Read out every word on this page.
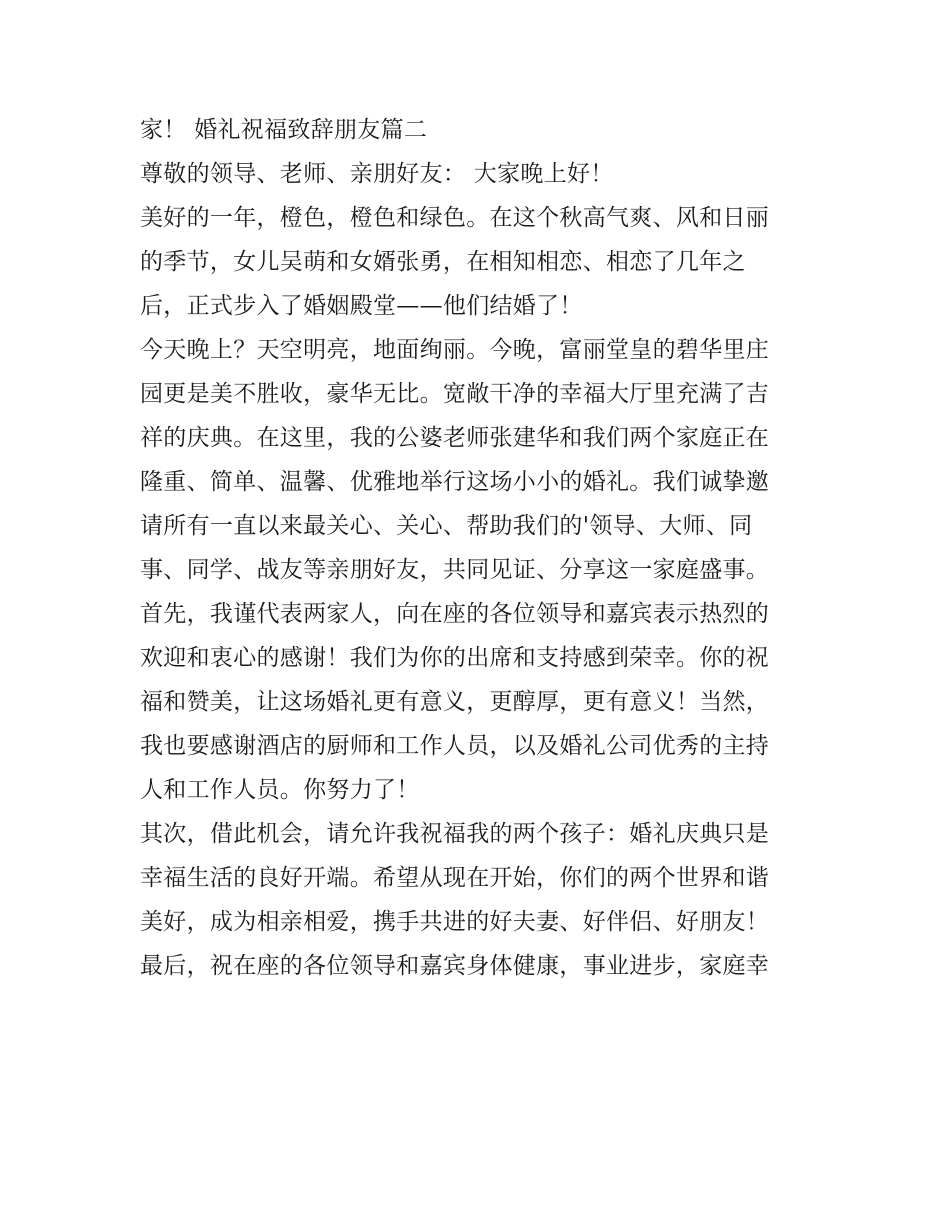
家！ 婚礼祝福致辞朋友篇二
尊敬的领导、老师、亲朋好友： 大家晚上好！
美好的一年，橙色，橙色和绿色。在这个秋高气爽、风和日丽
的季节，女儿吴萌和女婿张勇，在相知相恋、相恋了几年之
后，正式步入了婚姻殿堂——他们结婚了！
今天晚上？天空明亮，地面绚丽。今晚，富丽堂皇的碧华里庄
园更是美不胜收，豪华无比。宽敞干净的幸福大厅里充满了吉
祥的庆典。在这里，我的公婆老师张建华和我们两个家庭正在
隆重、简单、温馨、优雅地举行这场小小的婚礼。我们诚挚邀
请所有一直以来最关心、关心、帮助我们的'领导、大师、同
事、同学、战友等亲朋好友，共同见证、分享这一家庭盛事。
首先，我谨代表两家人，向在座的各位领导和嘉宾表示热烈的
欢迎和衷心的感谢！我们为你的出席和支持感到荣幸。你的祝
福和赞美，让这场婚礼更有意义，更醇厚，更有意义！当然，
我也要感谢酒店的厨师和工作人员，以及婚礼公司优秀的主持
人和工作人员。你努力了！
其次，借此机会，请允许我祝福我的两个孩子：婚礼庆典只是
幸福生活的良好开端。希望从现在开始，你们的两个世界和谐
美好，成为相亲相爱，携手共进的好夫妻、好伴侣、好朋友！
最后，祝在座的各位领导和嘉宾身体健康，事业进步，家庭幸
